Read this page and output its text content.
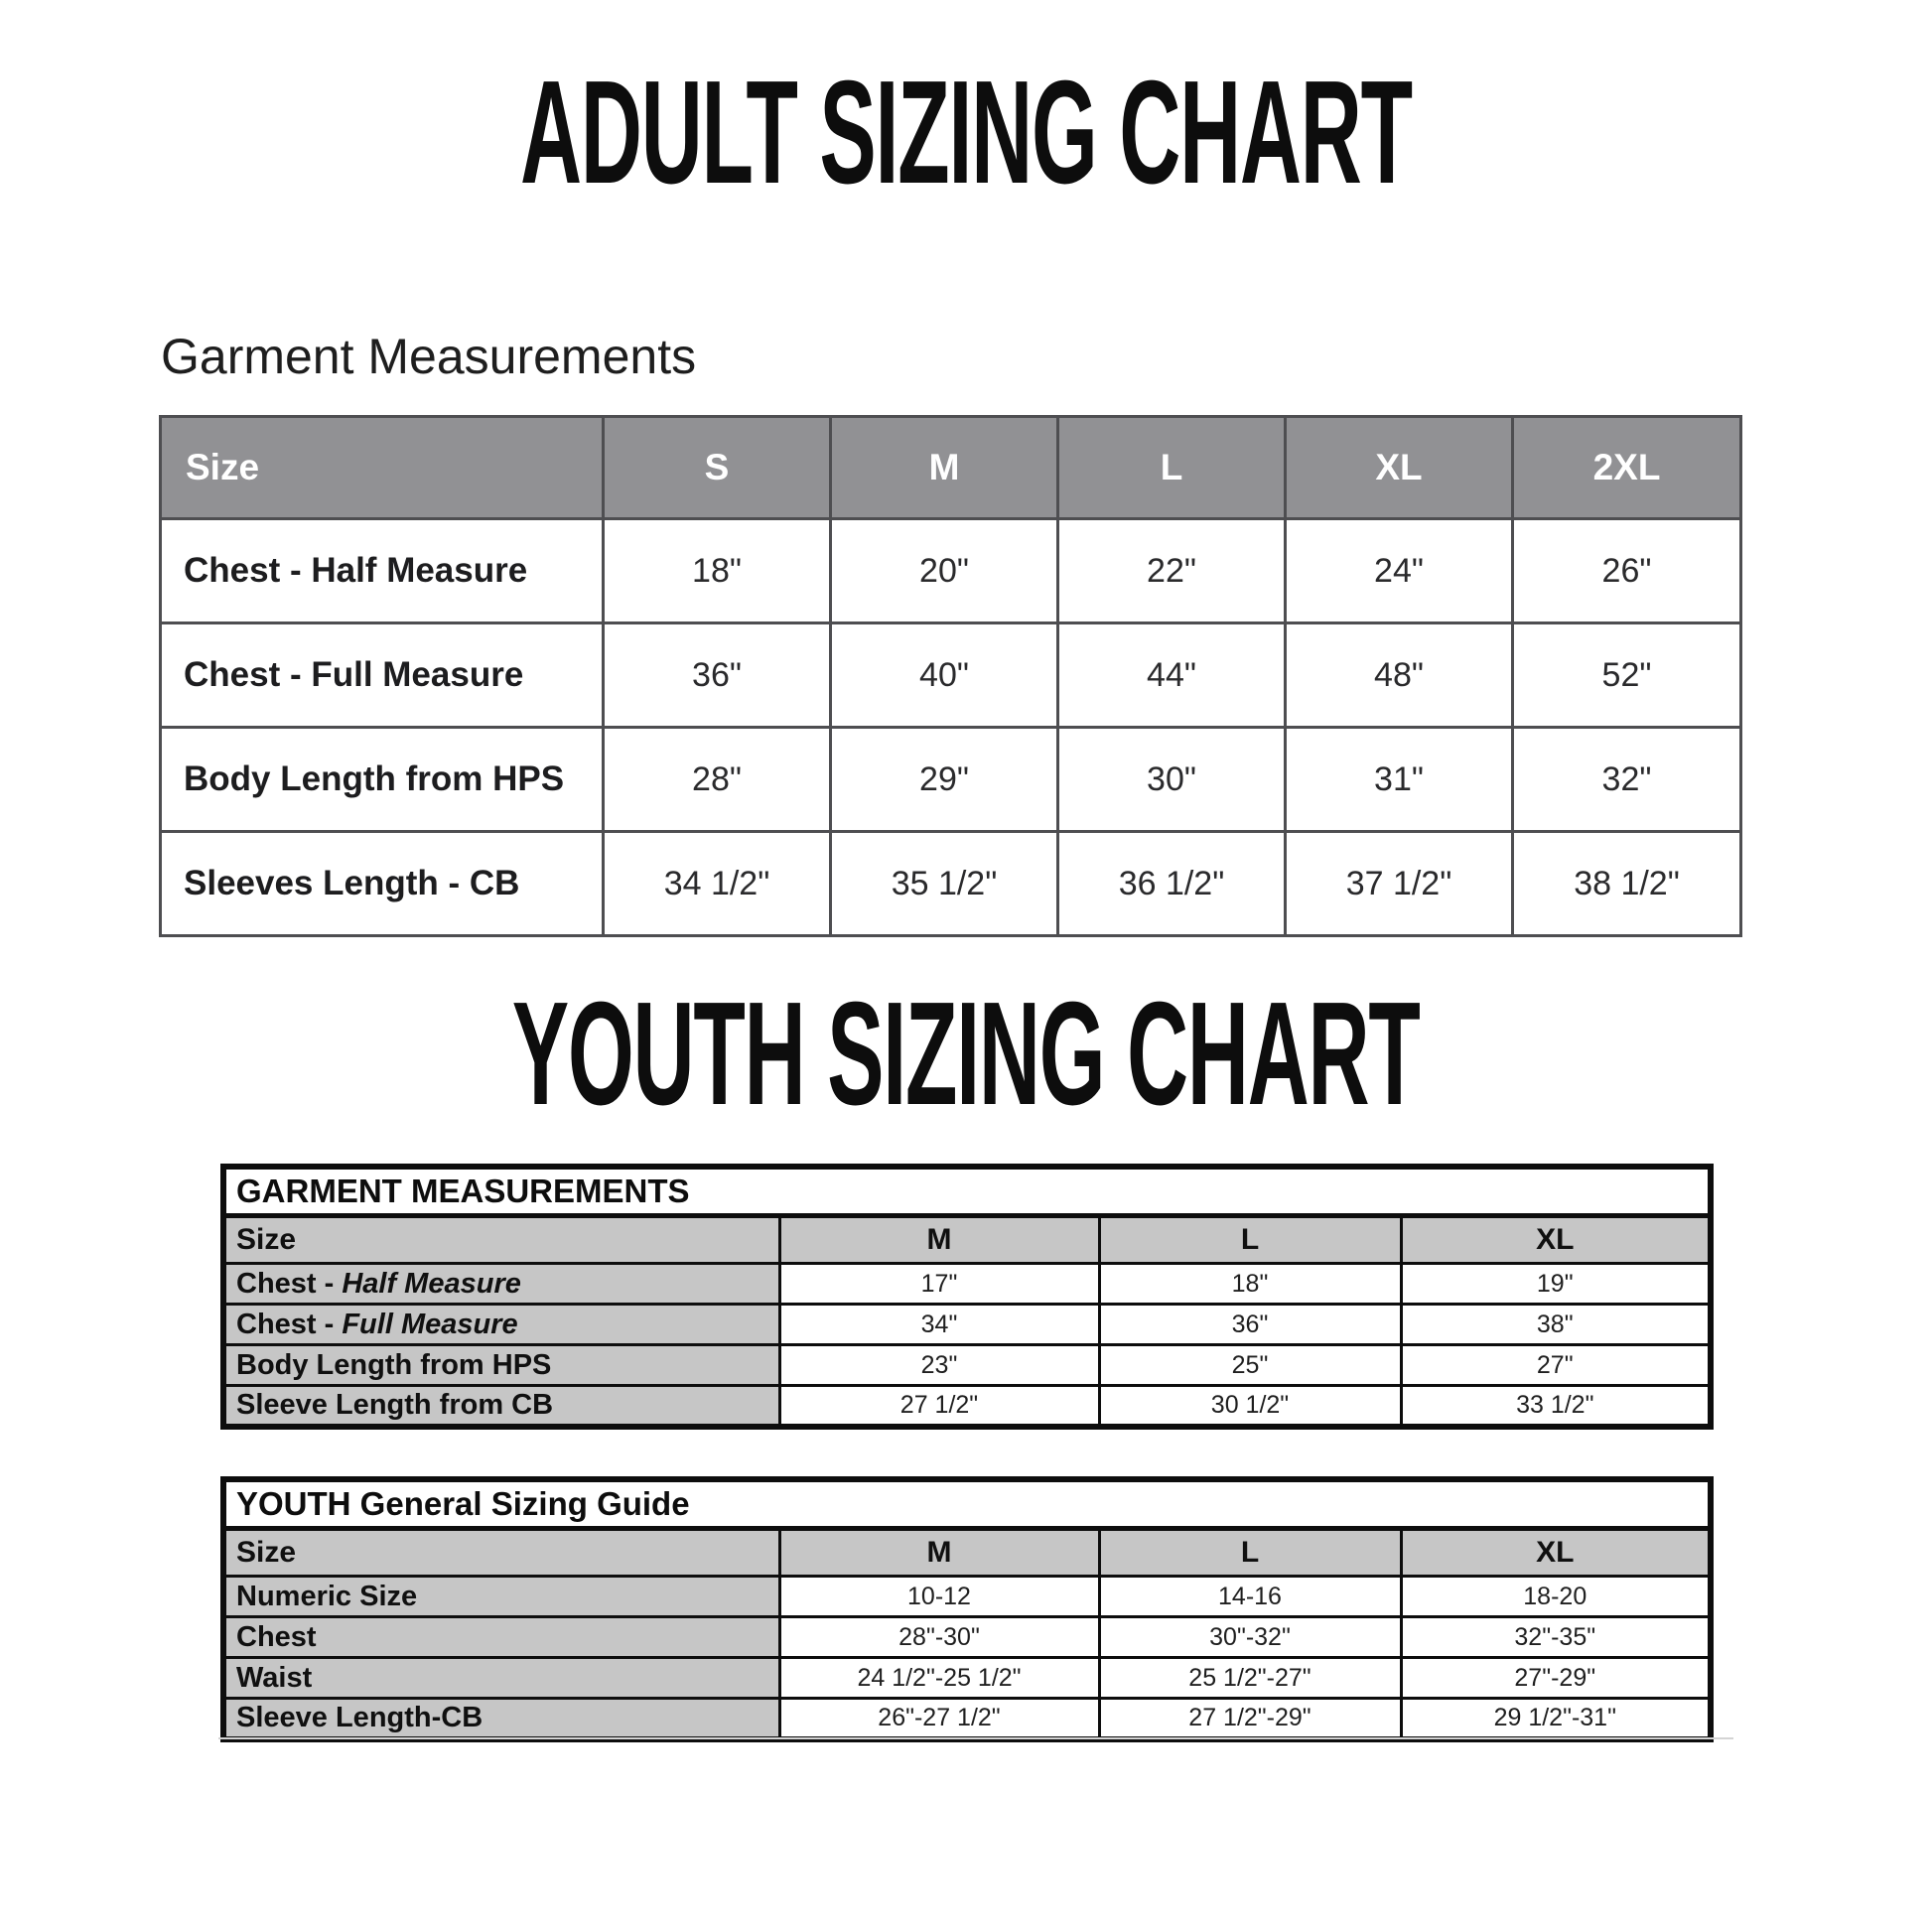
ADULT SIZING CHART
Garment Measurements
Size	S	M	L	XL	2XL
Chest - Half Measure	18"	20"	22"	24"	26"
Chest - Full Measure	36"	40"	44"	48"	52"
Body Length from HPS	28"	29"	30"	31"	32"
Sleeves Length - CB	34 1/2"	35 1/2"	36 1/2"	37 1/2"	38 1/2"
YOUTH SIZING CHART
GARMENT MEASUREMENTS			
Size	M	L	XL
Chest - Half Measure	17"	18"	19"
Chest - Full Measure	34"	36"	38"
Body Length from HPS	23"	25"	27"
Sleeve Length from CB	27 1/2"	30 1/2"	33 1/2"
YOUTH General Sizing Guide			
Size	M	L	XL
Numeric Size	10-12	14-16	18-20
Chest	28"-30"	30"-32"	32"-35"
Waist	24 1/2"-25 1/2"	25 1/2"-27"	27"-29"
Sleeve Length-CB	26"-27 1/2"	27 1/2"-29"	29 1/2"-31"
